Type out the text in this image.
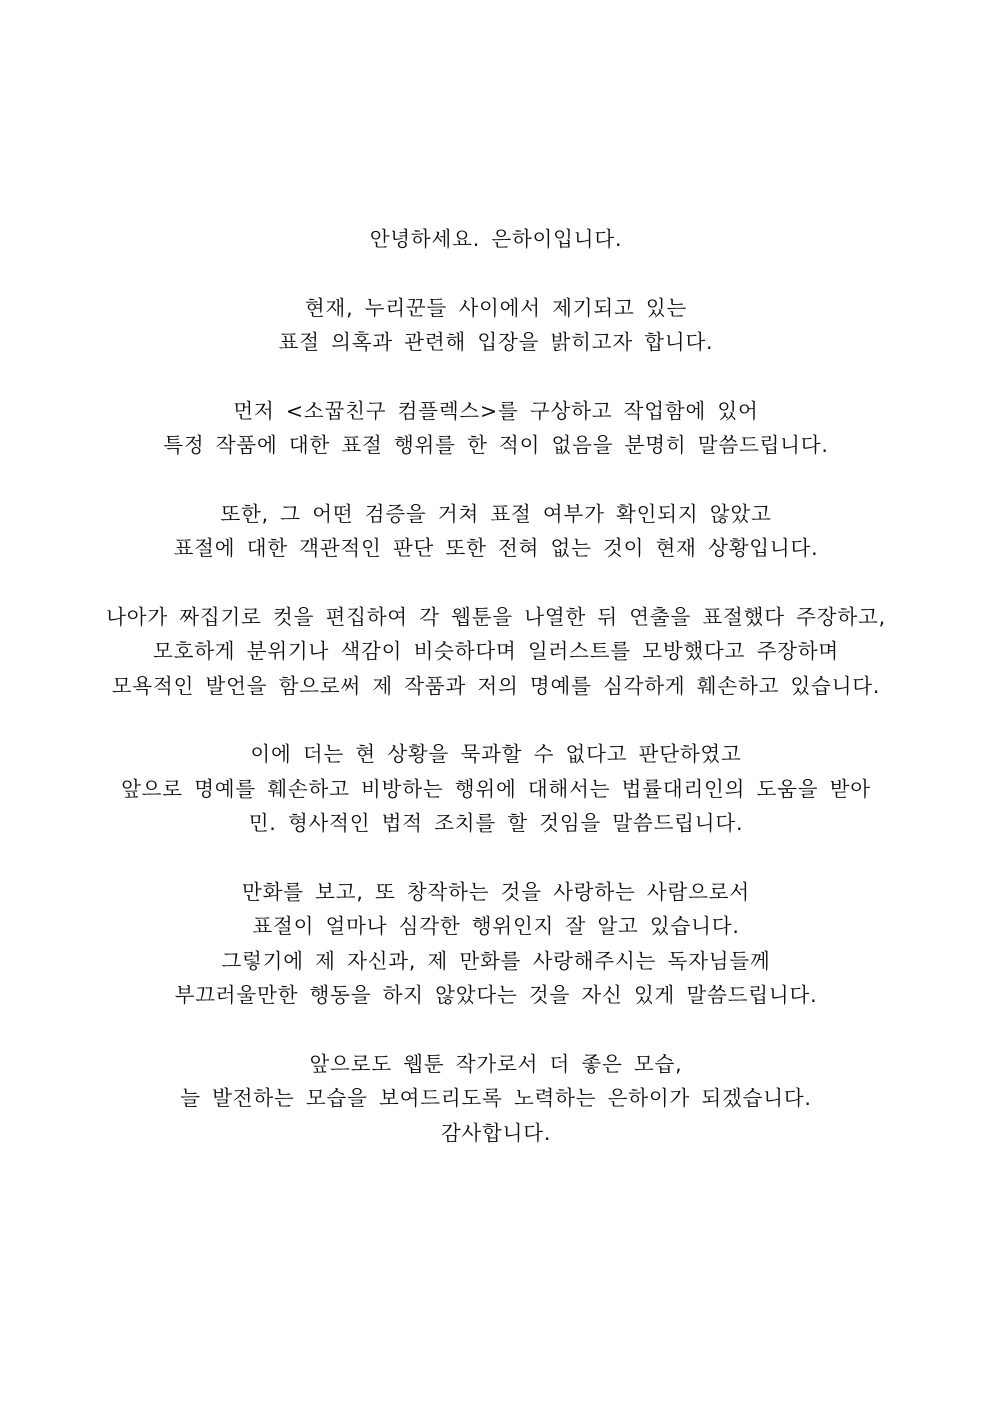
안녕하세요. 은하이입니다.
현재, 누리꾼들 사이에서 제기되고 있는
표절 의혹과 관련해 입장을 밝히고자 합니다.
먼저 <소꿉친구 컴플렉스>를 구상하고 작업함에 있어
특정 작품에 대한 표절 행위를 한 적이 없음을 분명히 말씀드립니다.
또한, 그 어떤 검증을 거쳐 표절 여부가 확인되지 않았고
표절에 대한 객관적인 판단 또한 전혀 없는 것이 현재 상황입니다.
나아가 짜집기로 컷을 편집하여 각 웹툰을 나열한 뒤 연출을 표절했다 주장하고,
모호하게 분위기나 색감이 비슷하다며 일러스트를 모방했다고 주장하며
모욕적인 발언을 함으로써 제 작품과 저의 명예를 심각하게 훼손하고 있습니다.
이에 더는 현 상황을 묵과할 수 없다고 판단하였고
앞으로 명예를 훼손하고 비방하는 행위에 대해서는 법률대리인의 도움을 받아
민. 형사적인 법적 조치를 할 것임을 말씀드립니다.
만화를 보고, 또 창작하는 것을 사랑하는 사람으로서
표절이 얼마나 심각한 행위인지 잘 알고 있습니다.
그렇기에 제 자신과, 제 만화를 사랑해주시는 독자님들께
부끄러울만한 행동을 하지 않았다는 것을 자신 있게 말씀드립니다.
앞으로도 웹툰 작가로서 더 좋은 모습,
늘 발전하는 모습을 보여드리도록 노력하는 은하이가 되겠습니다.
감사합니다.
